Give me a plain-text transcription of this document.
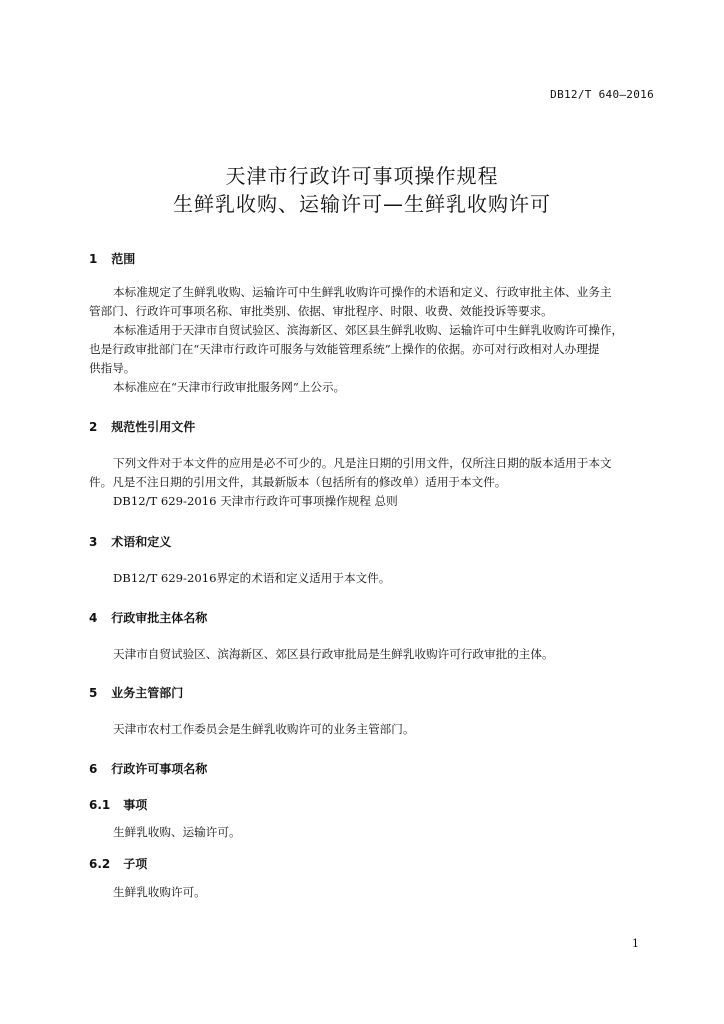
DB12/T 640—2016
天津市行政许可事项操作规程
生鲜乳收购、运输许可—生鲜乳收购许可
1 范围
本标准规定了生鲜乳收购、运输许可中生鲜乳收购许可操作的术语和定义、行政审批主体、业务主
管部门、行政许可事项名称、审批类别、依据、审批程序、时限、收费、效能投诉等要求。
本标准适用于天津市自贸试验区、滨海新区、郊区县生鲜乳收购、运输许可中生鲜乳收购许可操作，
也是行政审批部门在“天津市行政许可服务与效能管理系统”上操作的依据。亦可对行政相对人办理提
供指导。
本标准应在“天津市行政审批服务网”上公示。
2 规范性引用文件
下列文件对于本文件的应用是必不可少的。凡是注日期的引用文件，仅所注日期的版本适用于本文
件。凡是不注日期的引用文件，其最新版本（包括所有的修改单）适用于本文件。
DB12/T 629-2016 天津市行政许可事项操作规程 总则
3 术语和定义
DB12/T 629-2016界定的术语和定义适用于本文件。
4 行政审批主体名称
天津市自贸试验区、滨海新区、郊区县行政审批局是生鲜乳收购许可行政审批的主体。
5 业务主管部门
天津市农村工作委员会是生鲜乳收购许可的业务主管部门。
6 行政许可事项名称
6.1 事项
生鲜乳收购、运输许可。
6.2 子项
生鲜乳收购许可。
1
